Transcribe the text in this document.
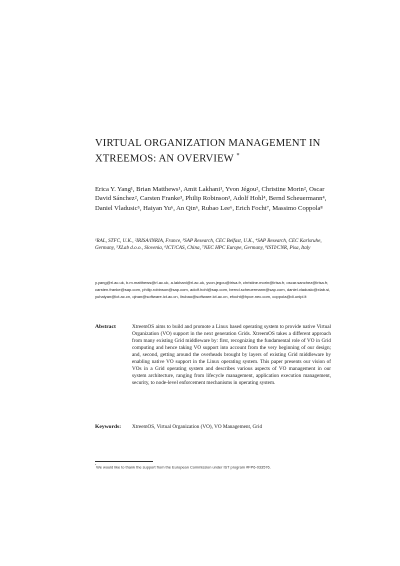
VIRTUAL ORGANIZATION MANAGEMENT IN XTREEMOS: AN OVERVIEW *

Erica Y. Yang¹, Brian Matthews¹, Amit Lakhani¹, Yvon Jégou², Christine Morin², Oscar David Sánchez², Carsten Franke³, Philip Robinson³, Adolf Hohl⁴, Bernd Scheuermann⁴, Daniel Vladusic⁵, Haiyan Yu⁶, An Qin⁶, Rubao Lee⁶, Erich Focht⁷, Massimo Coppola⁸

¹RAL, STFC, U.K., ²IRISA/INRIA, France, ³SAP Research, CEC Belfast, U.K., ⁴SAP Research, CEC Karlsruhe, Germany, ⁵XLab d.o.o., Slovenia, ⁶ICT/CAS, China, ⁷NEC HPC Europe, Germany, ⁸ISTI/CNR, Pisa, Italy

y.yang@rl.ac.uk, b.m.matthews@rl.ac.uk, a.lakhani@rl.ac.uk, yvon.jegou@irisa.fr, christine.morin@irisa.fr, oscar.sanchez@irisa.fr, carsten.franke@sap.com, philip.robinson@sap.com, adolf.hohl@sap.com, bernd.scheuermann@sap.com, daniel.vladusic@xlab.si, yuhaiyan@ict.ac.cn, qinan@software.ict.ac.cn, lirubao@software.ict.ac.cn, efocht@hpce.nec.com, coppola@di.unipi.it

Abstract	XtreemOS aims to build and promote a Linux based operating system to provide native Virtual Organization (VO) support in the next generation Grids. XtreemOS takes a different approach from many existing Grid middleware by: first, recognizing the fundamental role of VO in Grid computing and hence taking VO support into account from the very beginning of our design; and, second, getting around the overheads brought by layers of existing Grid middleware by enabling native VO support in the Linux operating system. This paper presents our vision of VOs in a Grid operating system and describes various aspects of VO management in our system architecture, ranging from lifecycle management, application execution management, security, to node-level enforcement mechanisms in operating system.

Keywords: XtreemOS, Virtual Organization (VO), VO Management, Grid

*We would like to thank the support from the European Commission under IST program #FP6-033576.
